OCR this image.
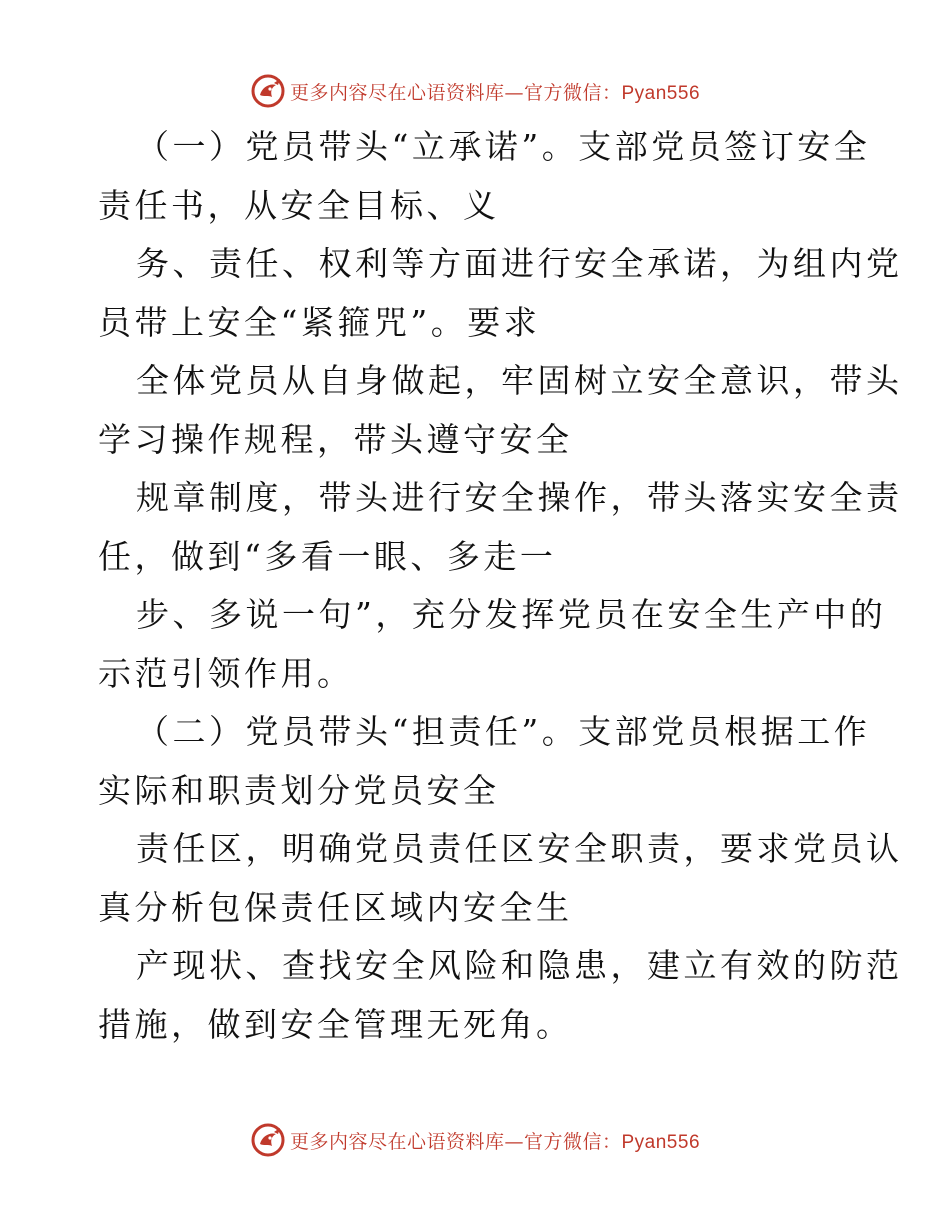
更多内容尽在心语资料库—官方微信：Pyan556
（一）党员带头“立承诺”。支部党员签订安全
责任书，从安全目标、义
务、责任、权利等方面进行安全承诺，为组内党
员带上安全“紧箍咒”。要求
全体党员从自身做起，牢固树立安全意识，带头
学习操作规程，带头遵守安全
规章制度，带头进行安全操作，带头落实安全责
任，做到“多看一眼、多走一
步、多说一句”，充分发挥党员在安全生产中的
示范引领作用。
（二）党员带头“担责任”。支部党员根据工作
实际和职责划分党员安全
责任区，明确党员责任区安全职责，要求党员认
真分析包保责任区域内安全生
产现状、查找安全风险和隐患，建立有效的防范
措施，做到安全管理无死角。
更多内容尽在心语资料库—官方微信：Pyan556
